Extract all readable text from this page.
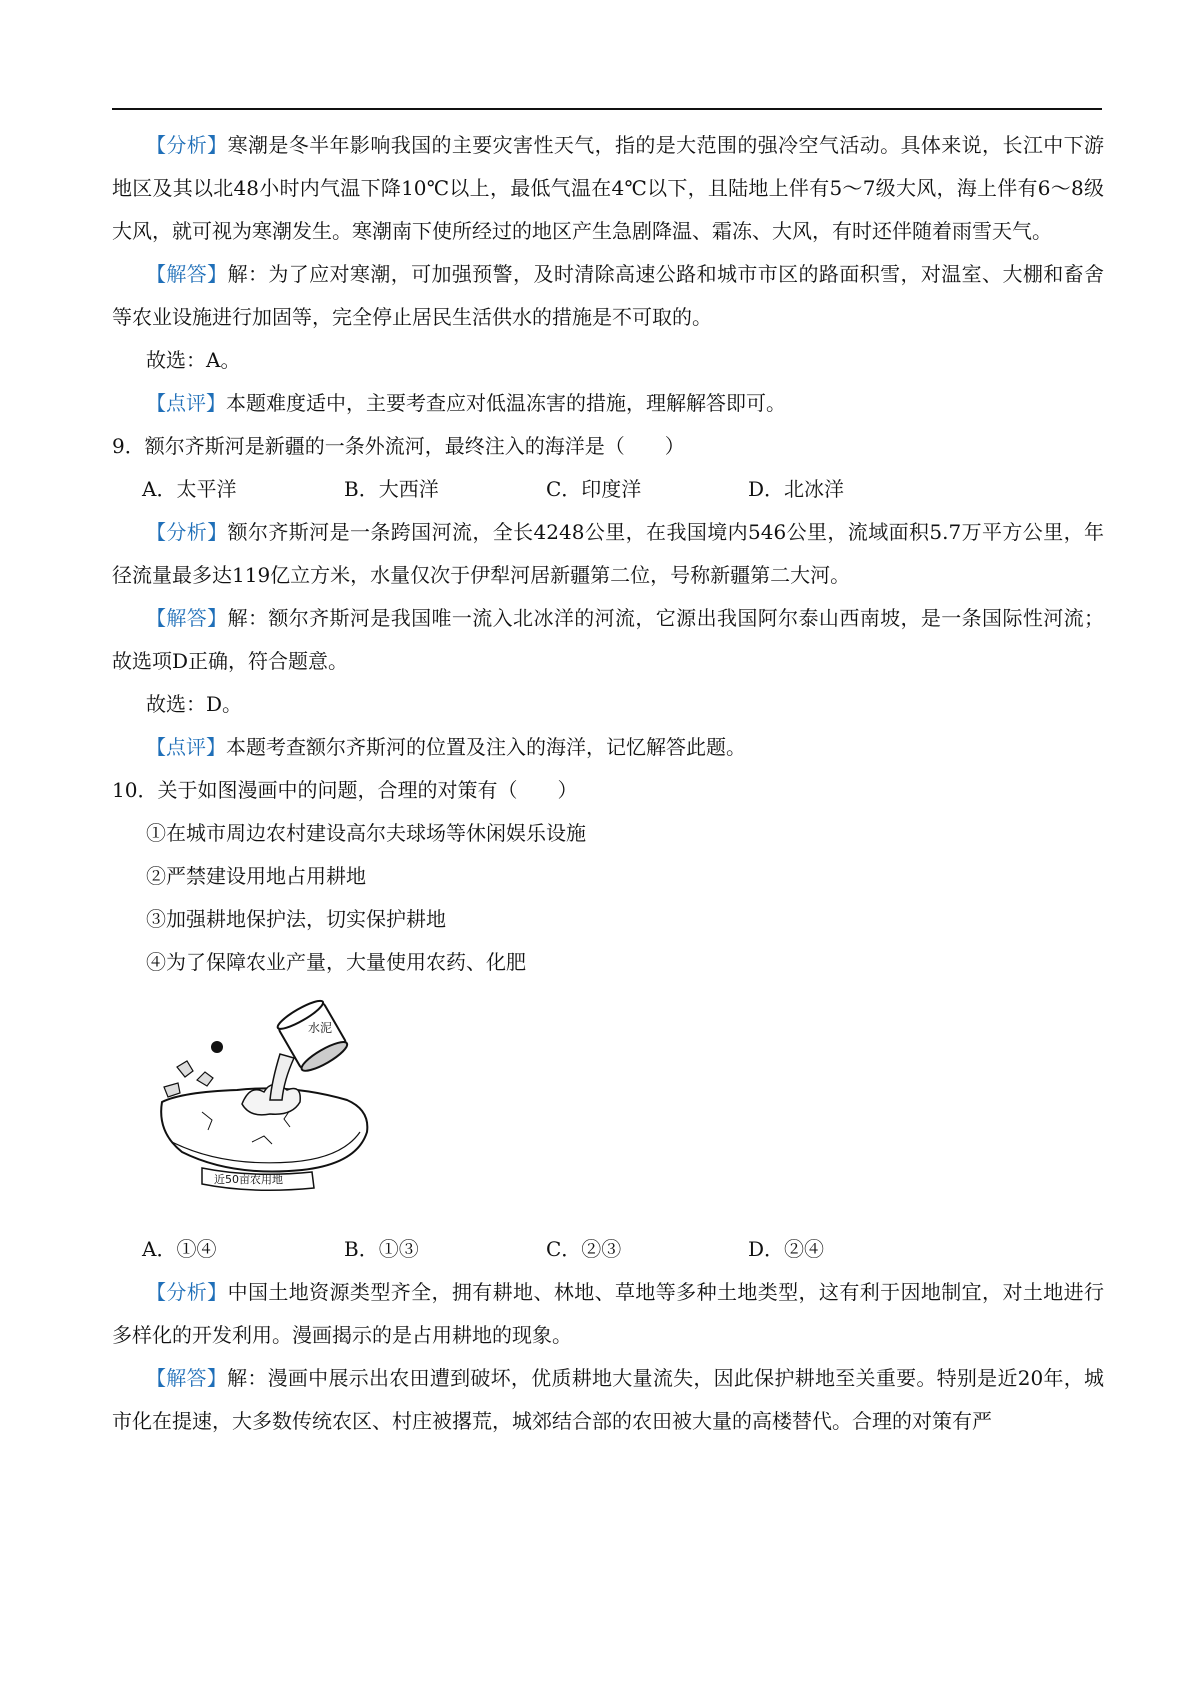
【分析】寒潮是冬半年影响我国的主要灾害性天气，指的是大范围的强冷空气活动。具体来说，长江中下游地区及其以北48小时内气温下降10℃以上，最低气温在4℃以下，且陆地上伴有5～7级大风，海上伴有6～8级大风，就可视为寒潮发生。寒潮南下使所经过的地区产生急剧降温、霜冻、大风，有时还伴随着雨雪天气。

【解答】解：为了应对寒潮，可加强预警，及时清除高速公路和城市市区的路面积雪，对温室、大棚和畜舍等农业设施进行加固等，完全停止居民生活供水的措施是不可取的。

故选：A。

【点评】本题难度适中，主要考查应对低温冻害的措施，理解解答即可。

9．额尔齐斯河是新疆的一条外流河，最终注入的海洋是（　　）

A．太平洋	B．大西洋	C．印度洋	D．北冰洋

【分析】额尔齐斯河是一条跨国河流，全长4248公里，在我国境内546公里，流域面积5.7万平方公里，年径流量最多达119亿立方米，水量仅次于伊犁河居新疆第二位，号称新疆第二大河。

【解答】解：额尔齐斯河是我国唯一流入北冰洋的河流，它源出我国阿尔泰山西南坡，是一条国际性河流；故选项D正确，符合题意。

故选：D。

【点评】本题考查额尔齐斯河的位置及注入的海洋，记忆解答此题。

10．关于如图漫画中的问题，合理的对策有（　　）

①在城市周边农村建设高尔夫球场等休闲娱乐设施

②严禁建设用地占用耕地

③加强耕地保护法，切实保护耕地

④为了保障农业产量，大量使用农药、化肥

水泥
近50亩农用地
A．①④	B．①③	C．②③	D．②④

【分析】中国土地资源类型齐全，拥有耕地、林地、草地等多种土地类型，这有利于因地制宜，对土地进行多样化的开发利用。漫画揭示的是占用耕地的现象。

【解答】解：漫画中展示出农田遭到破坏，优质耕地大量流失，因此保护耕地至关重要。特别是近20年，城市化在提速，大多数传统农区、村庄被撂荒，城郊结合部的农田被大量的高楼替代。合理的对策有严
